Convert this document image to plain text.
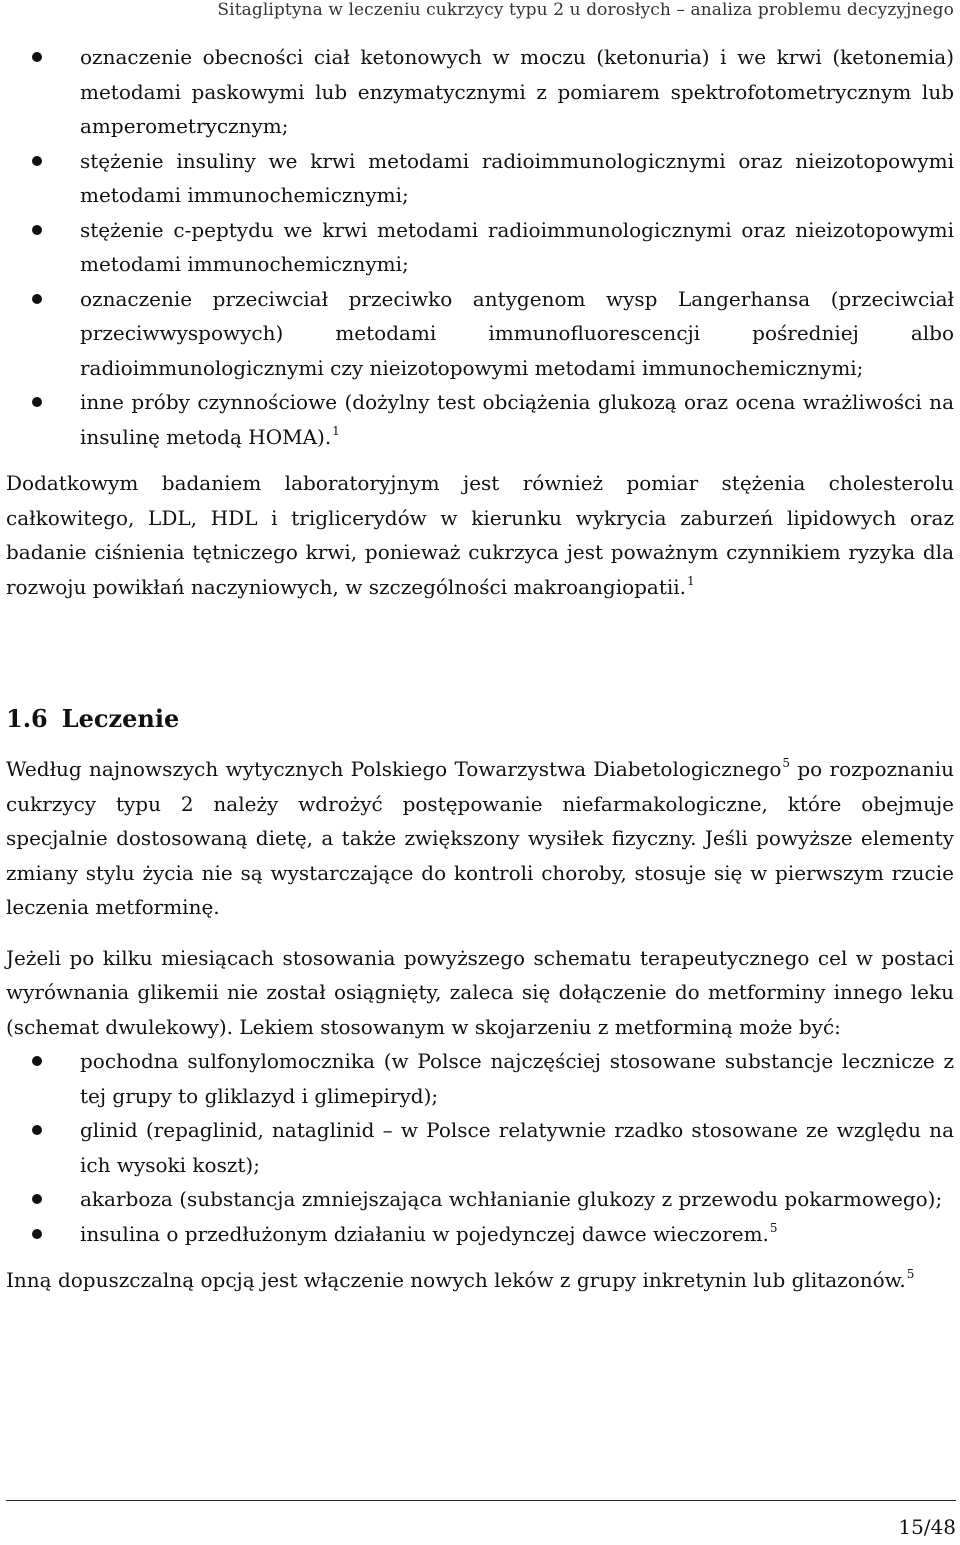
Sitagliptyna w leczeniu cukrzycy typu 2 u dorosłych – analiza problemu decyzyjnego
oznaczenie obecności ciał ketonowych w moczu (ketonuria) i we krwi (ketonemia) metodami paskowymi lub enzymatycznymi z pomiarem spektrofotometrycznym lub amperometrycznym;
stężenie insuliny we krwi metodami radioimmunologicznymi oraz nieizotopowymi metodami immunochemicznymi;
stężenie c-peptydu we krwi metodami radioimmunologicznymi oraz nieizotopowymi metodami immunochemicznymi;
oznaczenie przeciwciał przeciwko antygenom wysp Langerhansa (przeciwciał przeciwwyspowych) metodami immunofluorescencji pośredniej albo radioimmunologicznymi czy nieizotopowymi metodami immunochemicznymi;
inne próby czynnościowe (dożylny test obciążenia glukozą oraz ocena wrażliwości na insulinę metodą HOMA).$^1$

Dodatkowym badaniem laboratoryjnym jest również pomiar stężenia cholesterolu całkowitego, LDL, HDL i triglicerydów w kierunku wykrycia zaburzeń lipidowych oraz badanie ciśnienia tętniczego krwi, ponieważ cukrzyca jest poważnym czynnikiem ryzyka dla rozwoju powikłań naczyniowych, w szczególności makroangiopatii.$^1$

1.6 Leczenie

Według najnowszych wytycznych Polskiego Towarzystwa Diabetologicznego$^5$ po rozpoznaniu cukrzycy typu 2 należy wdrożyć postępowanie niefarmakologiczne, które obejmuje specjalnie dostosowaną dietę, a także zwiększony wysiłek fizyczny. Jeśli powyższe elementy zmiany stylu życia nie są wystarczające do kontroli choroby, stosuje się w pierwszym rzucie leczenia metforminę.

Jeżeli po kilku miesiącach stosowania powyższego schematu terapeutycznego cel w postaci wyrównania glikemii nie został osiągnięty, zaleca się dołączenie do metforminy innego leku (schemat dwulekowy). Lekiem stosowanym w skojarzeniu z metforminą może być:

pochodna sulfonylomocznika (w Polsce najczęściej stosowane substancje lecznicze z tej grupy to gliklazyd i glimepiryd);
glinid (repaglinid, nataglinid – w Polsce relatywnie rzadko stosowane ze względu na ich wysoki koszt);
akarboza (substancja zmniejszająca wchłanianie glukozy z przewodu pokarmowego);
insulina o przedłużonym działaniu w pojedynczej dawce wieczorem.$^5$

Inną dopuszczalną opcją jest włączenie nowych leków z grupy inkretynin lub glitazonów.$^5$

15/48
